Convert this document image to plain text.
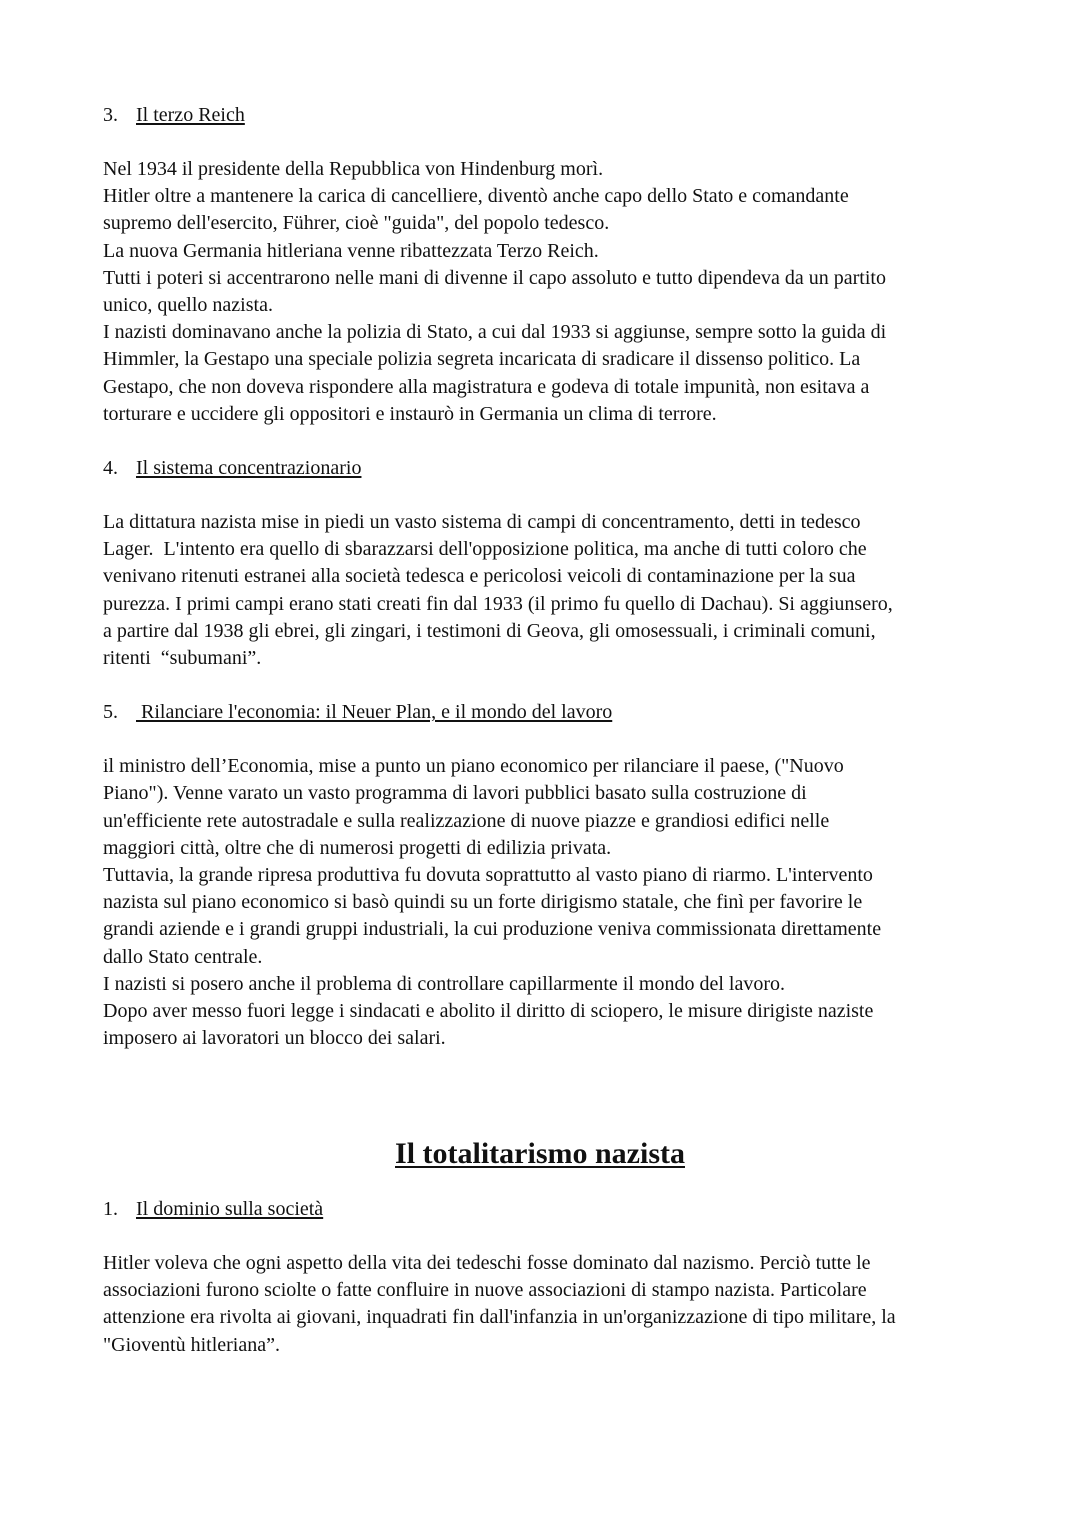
3. Il terzo Reich

Nel 1934 il presidente della Repubblica von Hindenburg morì.
Hitler oltre a mantenere la carica di cancelliere, diventò anche capo dello Stato e comandante
supremo dell'esercito, Führer, cioè "guida", del popolo tedesco.
La nuova Germania hitleriana venne ribattezzata Terzo Reich.
Tutti i poteri si accentrarono nelle mani di divenne il capo assoluto e tutto dipendeva da un partito
unico, quello nazista.
I nazisti dominavano anche la polizia di Stato, a cui dal 1933 si aggiunse, sempre sotto la guida di
Himmler, la Gestapo una speciale polizia segreta incaricata di sradicare il dissenso politico. La
Gestapo, che non doveva rispondere alla magistratura e godeva di totale impunità, non esitava a
torturare e uccidere gli oppositori e instaurò in Germania un clima di terrore.

4. Il sistema concentrazionario

La dittatura nazista mise in piedi un vasto sistema di campi di concentramento, detti in tedesco
Lager.  L'intento era quello di sbarazzarsi dell'opposizione politica, ma anche di tutti coloro che
venivano ritenuti estranei alla società tedesca e pericolosi veicoli di contaminazione per la sua
purezza. I primi campi erano stati creati fin dal 1933 (il primo fu quello di Dachau). Si aggiunsero,
a partire dal 1938 gli ebrei, gli zingari, i testimoni di Geova, gli omosessuali, i criminali comuni,
ritenti  “subumani”.

5. Rilanciare l'economia: il Neuer Plan, e il mondo del lavoro

il ministro dell’Economia, mise a punto un piano economico per rilanciare il paese, ("Nuovo
Piano"). Venne varato un vasto programma di lavori pubblici basato sulla costruzione di
un'efficiente rete autostradale e sulla realizzazione di nuove piazze e grandiosi edifici nelle
maggiori città, oltre che di numerosi progetti di edilizia privata.
Tuttavia, la grande ripresa produttiva fu dovuta soprattutto al vasto piano di riarmo. L'intervento
nazista sul piano economico si basò quindi su un forte dirigismo statale, che finì per favorire le
grandi aziende e i grandi gruppi industriali, la cui produzione veniva commissionata direttamente
dallo Stato centrale.
I nazisti si posero anche il problema di controllare capillarmente il mondo del lavoro.
Dopo aver messo fuori legge i sindacati e abolito il diritto di sciopero, le misure dirigiste naziste
imposero ai lavoratori un blocco dei salari.

Il totalitarismo nazista

1. Il dominio sulla società

Hitler voleva che ogni aspetto della vita dei tedeschi fosse dominato dal nazismo. Perciò tutte le
associazioni furono sciolte o fatte confluire in nuove associazioni di stampo nazista. Particolare
attenzione era rivolta ai giovani, inquadrati fin dall'infanzia in un'organizzazione di tipo militare, la
"Gioventù hitleriana”.
